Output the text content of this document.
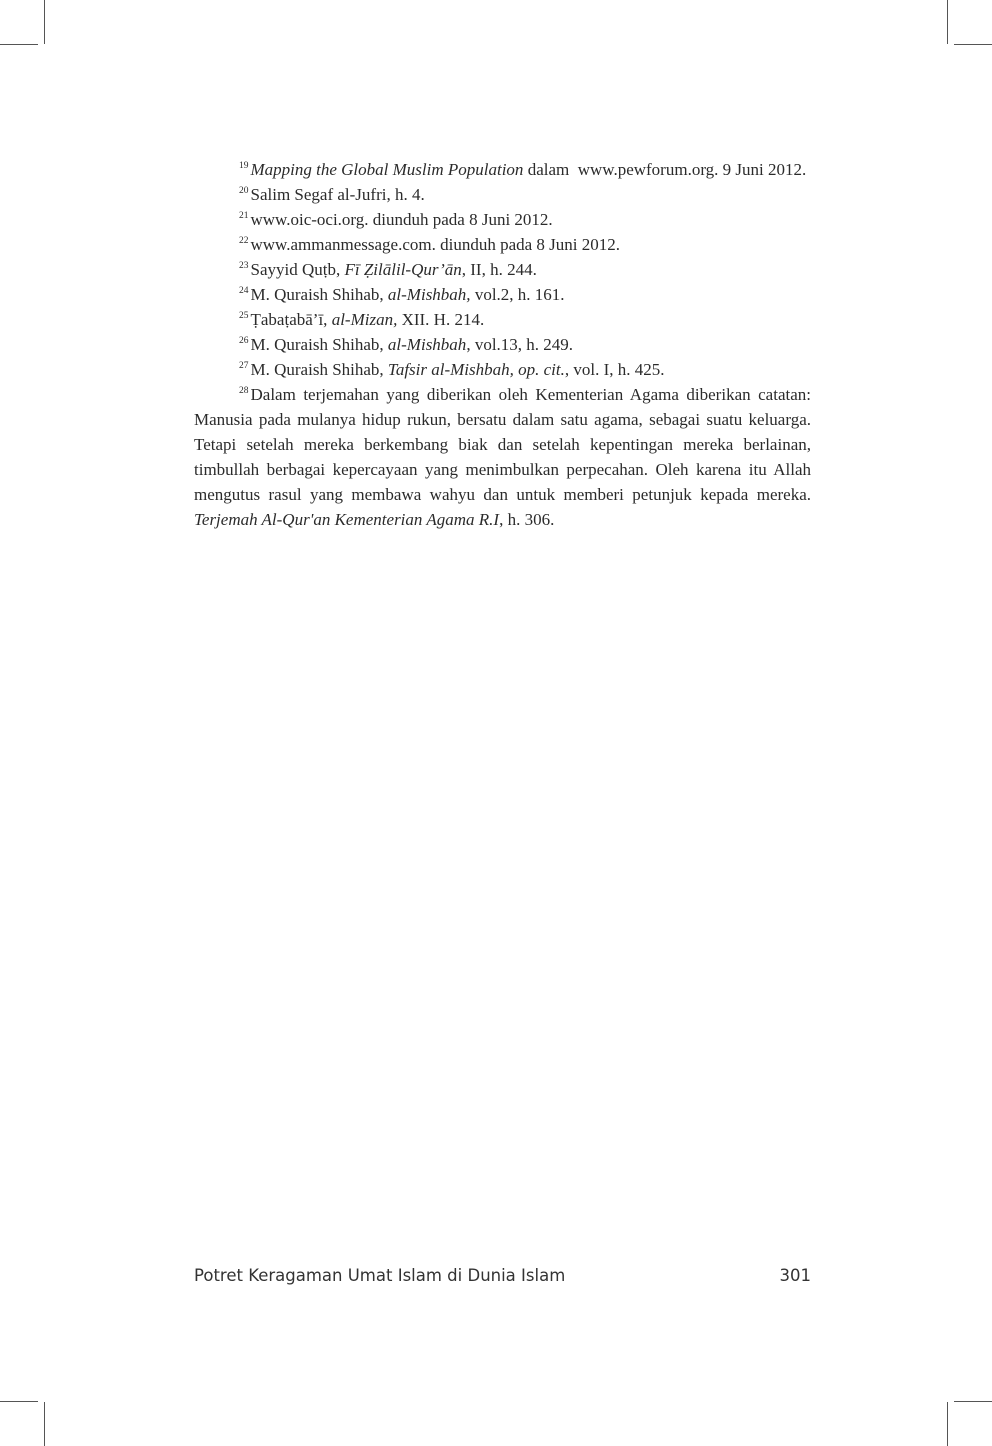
$^{19}$ Mapping the Global Muslim Population dalam  www.pewforum.org. 9 Juni 2012.

$^{20}$ Salim Segaf al-Jufri, h. 4.

$^{21}$ www.oic-oci.org. diunduh pada 8 Juni 2012.

$^{22}$ www.ammanmessage.com. diunduh pada 8 Juni 2012.

$^{23}$ Sayyid Quṭb, Fī Ẓilālil-Qur’ān, II, h. 244.

$^{24}$ M. Quraish Shihab, al-Mishbah, vol.2, h. 161.

$^{25}$ Ṭabaṭabā’ī, al-Mizan, XII. H. 214.

$^{26}$ M. Quraish Shihab, al-Mishbah, vol.13, h. 249.

$^{27}$ M. Quraish Shihab, Tafsir al-Mishbah, op. cit., vol. I, h. 425.

$^{28}$ Dalam terjemahan yang diberikan oleh Kementerian Agama diberikan catatan: Manusia pada mulanya hidup rukun, bersatu dalam satu agama, sebagai suatu keluarga. Tetapi setelah mereka berkembang biak dan setelah kepentingan mereka berlainan, timbullah berbagai kepercayaan yang menimbulkan perpecahan. Oleh karena itu Allah mengutus rasul yang membawa wahyu dan untuk memberi petunjuk kepada mereka. Terjemah Al-Qur'an Kementerian Agama R.I, h. 306.

Potret Keragaman Umat Islam di Dunia Islam	301
